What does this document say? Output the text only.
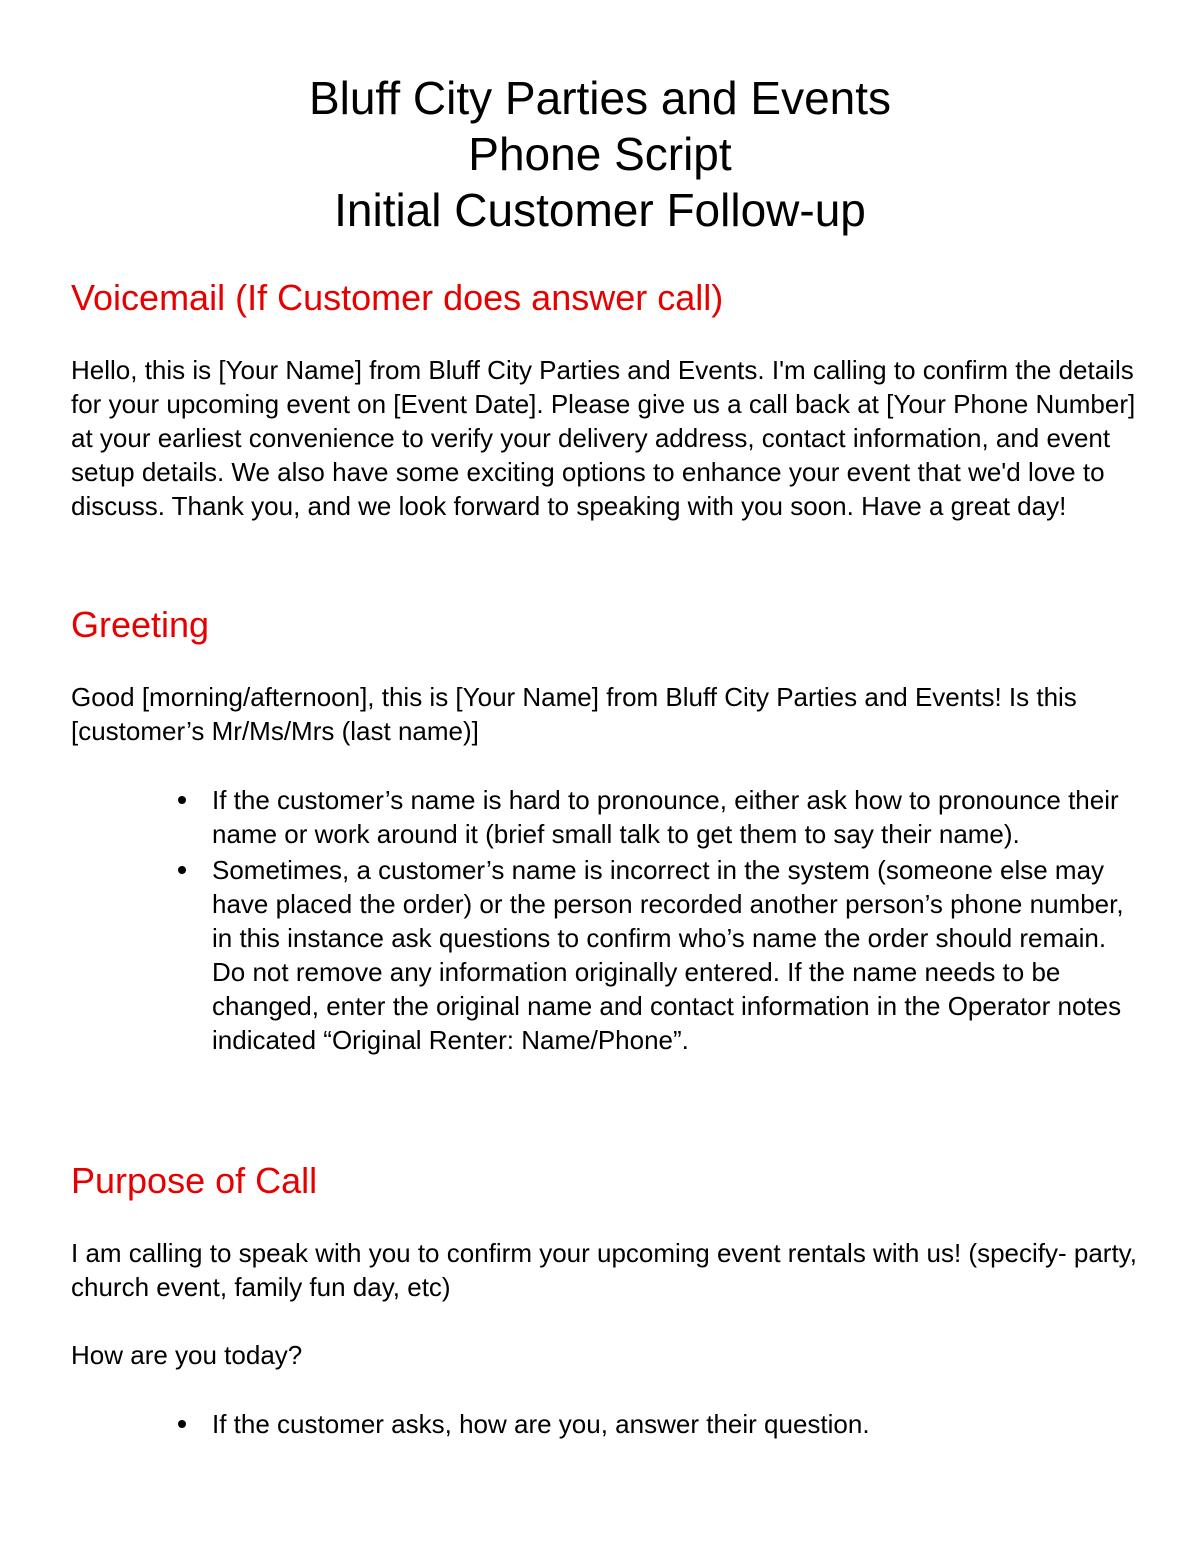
Bluff City Parties and Events

Phone Script

Initial Customer Follow-up

Voicemail (If Customer does answer call)

Hello, this is [Your Name] from Bluff City Parties and Events. I'm calling to confirm the details for your upcoming event on [Event Date]. Please give us a call back at [Your Phone Number] at your earliest convenience to verify your delivery address, contact information, and event setup details. We also have some exciting options to enhance your event that we'd love to discuss. Thank you, and we look forward to speaking with you soon. Have a great day!

Greeting

Good [morning/afternoon], this is [Your Name] from Bluff City Parties and Events! Is this [customer’s Mr/Ms/Mrs (last name)]

If the customer’s name is hard to pronounce, either ask how to pronounce their name or work around it (brief small talk to get them to say their name).
Sometimes, a customer’s name is incorrect in the system (someone else may have placed the order) or the person recorded another person’s phone number, in this instance ask questions to confirm who’s name the order should remain. Do not remove any information originally entered. If the name needs to be changed, enter the original name and contact information in the Operator notes indicated “Original Renter: Name/Phone”.
Purpose of Call

I am calling to speak with you to confirm your upcoming event rentals with us! (specify- party, church event, family fun day, etc)

How are you today?

If the customer asks, how are you, answer their question.
